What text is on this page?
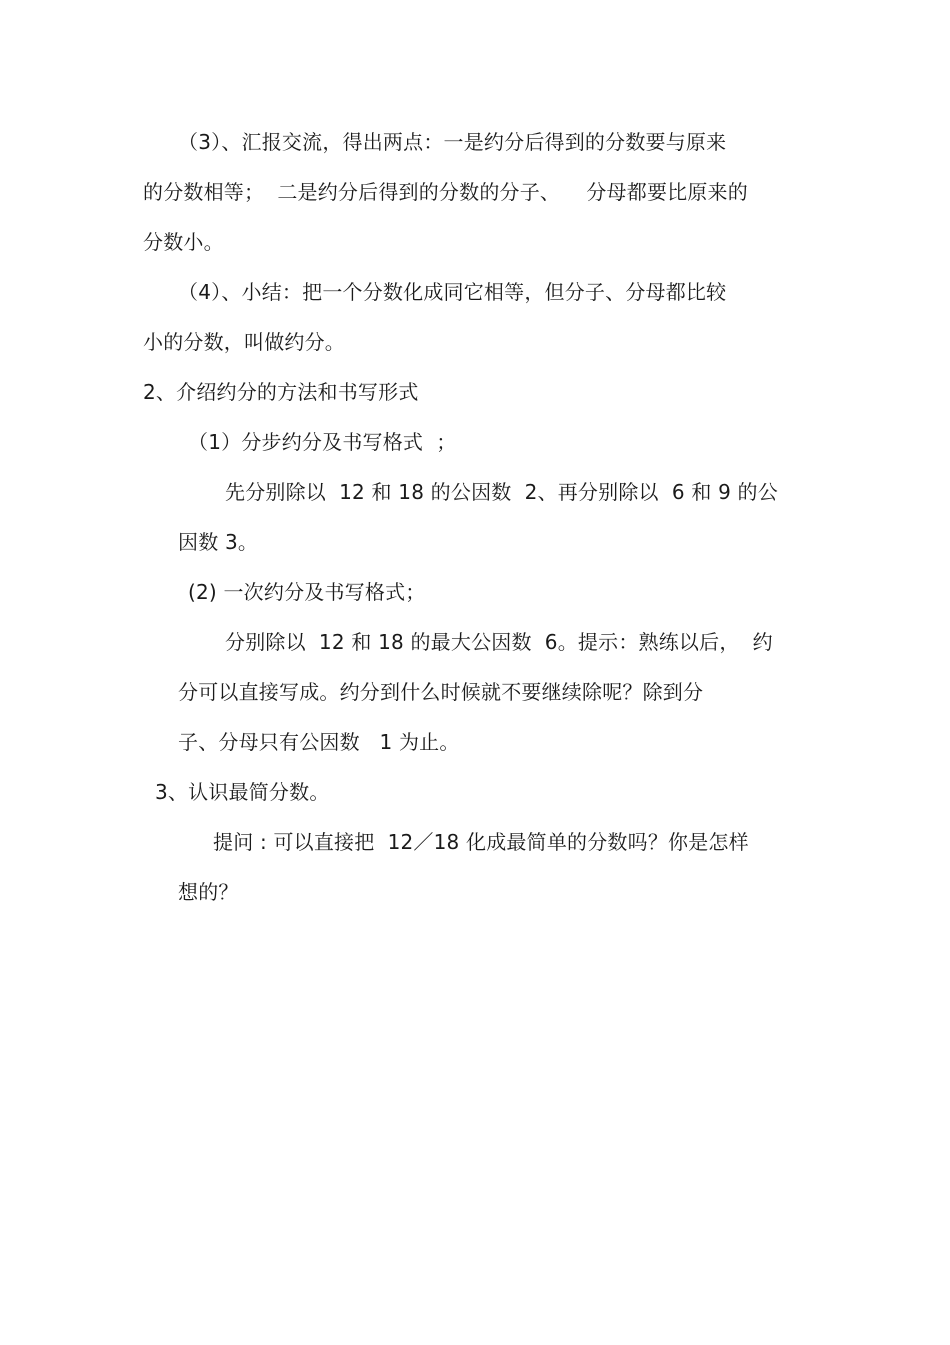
（3）、汇报交流，得出两点：一是约分后得到的分数要与原来
的分数相等；  二是约分后得到的分数的分子、    分母都要比原来的
分数小。
（4）、小结：把一个分数化成同它相等，但分子、分母都比较
小的分数，叫做约分。
2、介绍约分的方法和书写形式
（1）分步约分及书写格式  ；
先分别除以  12 和 18 的公因数  2、再分别除以  6 和 9 的公
因数 3。
(2) 一次约分及书写格式；
分别除以  12 和 18 的最大公因数  6。提示：熟练以后，  约
分可以直接写成。约分到什么时候就不要继续除呢？除到分
子、分母只有公因数   1 为止。
3、认识最简分数。
提问 : 可以直接把  12／18 化成最简单的分数吗？你是怎样
想的？
